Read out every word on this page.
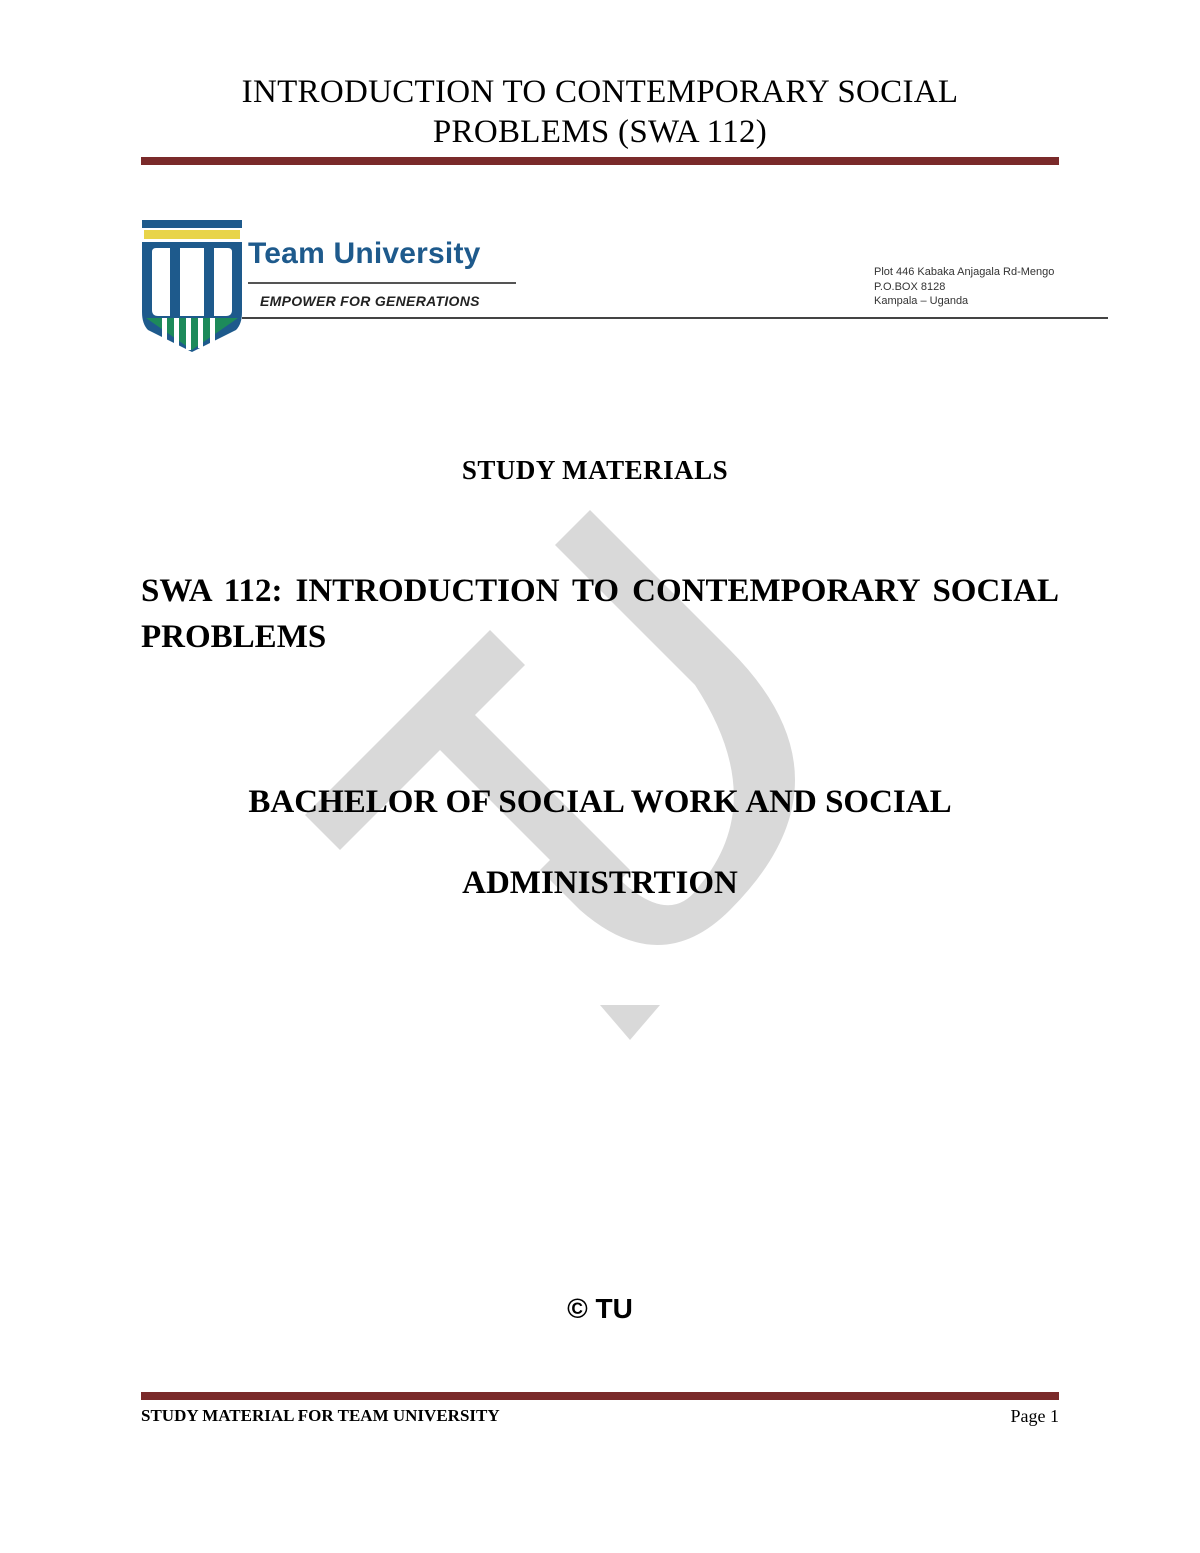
INTRODUCTION TO CONTEMPORARY SOCIAL
PROBLEMS (SWA 112)
Team University
EMPOWER FOR GENERATIONS
Plot 446 Kabaka Anjagala Rd-Mengo
P.O.BOX 8128
Kampala – Uganda
STUDY MATERIALS
SWA 112: INTRODUCTION TO CONTEMPORARY SOCIAL PROBLEMS
BACHELOR OF SOCIAL WORK AND SOCIAL
ADMINISTRTION
© TU
STUDY MATERIAL FOR TEAM UNIVERSITY	Page 1
